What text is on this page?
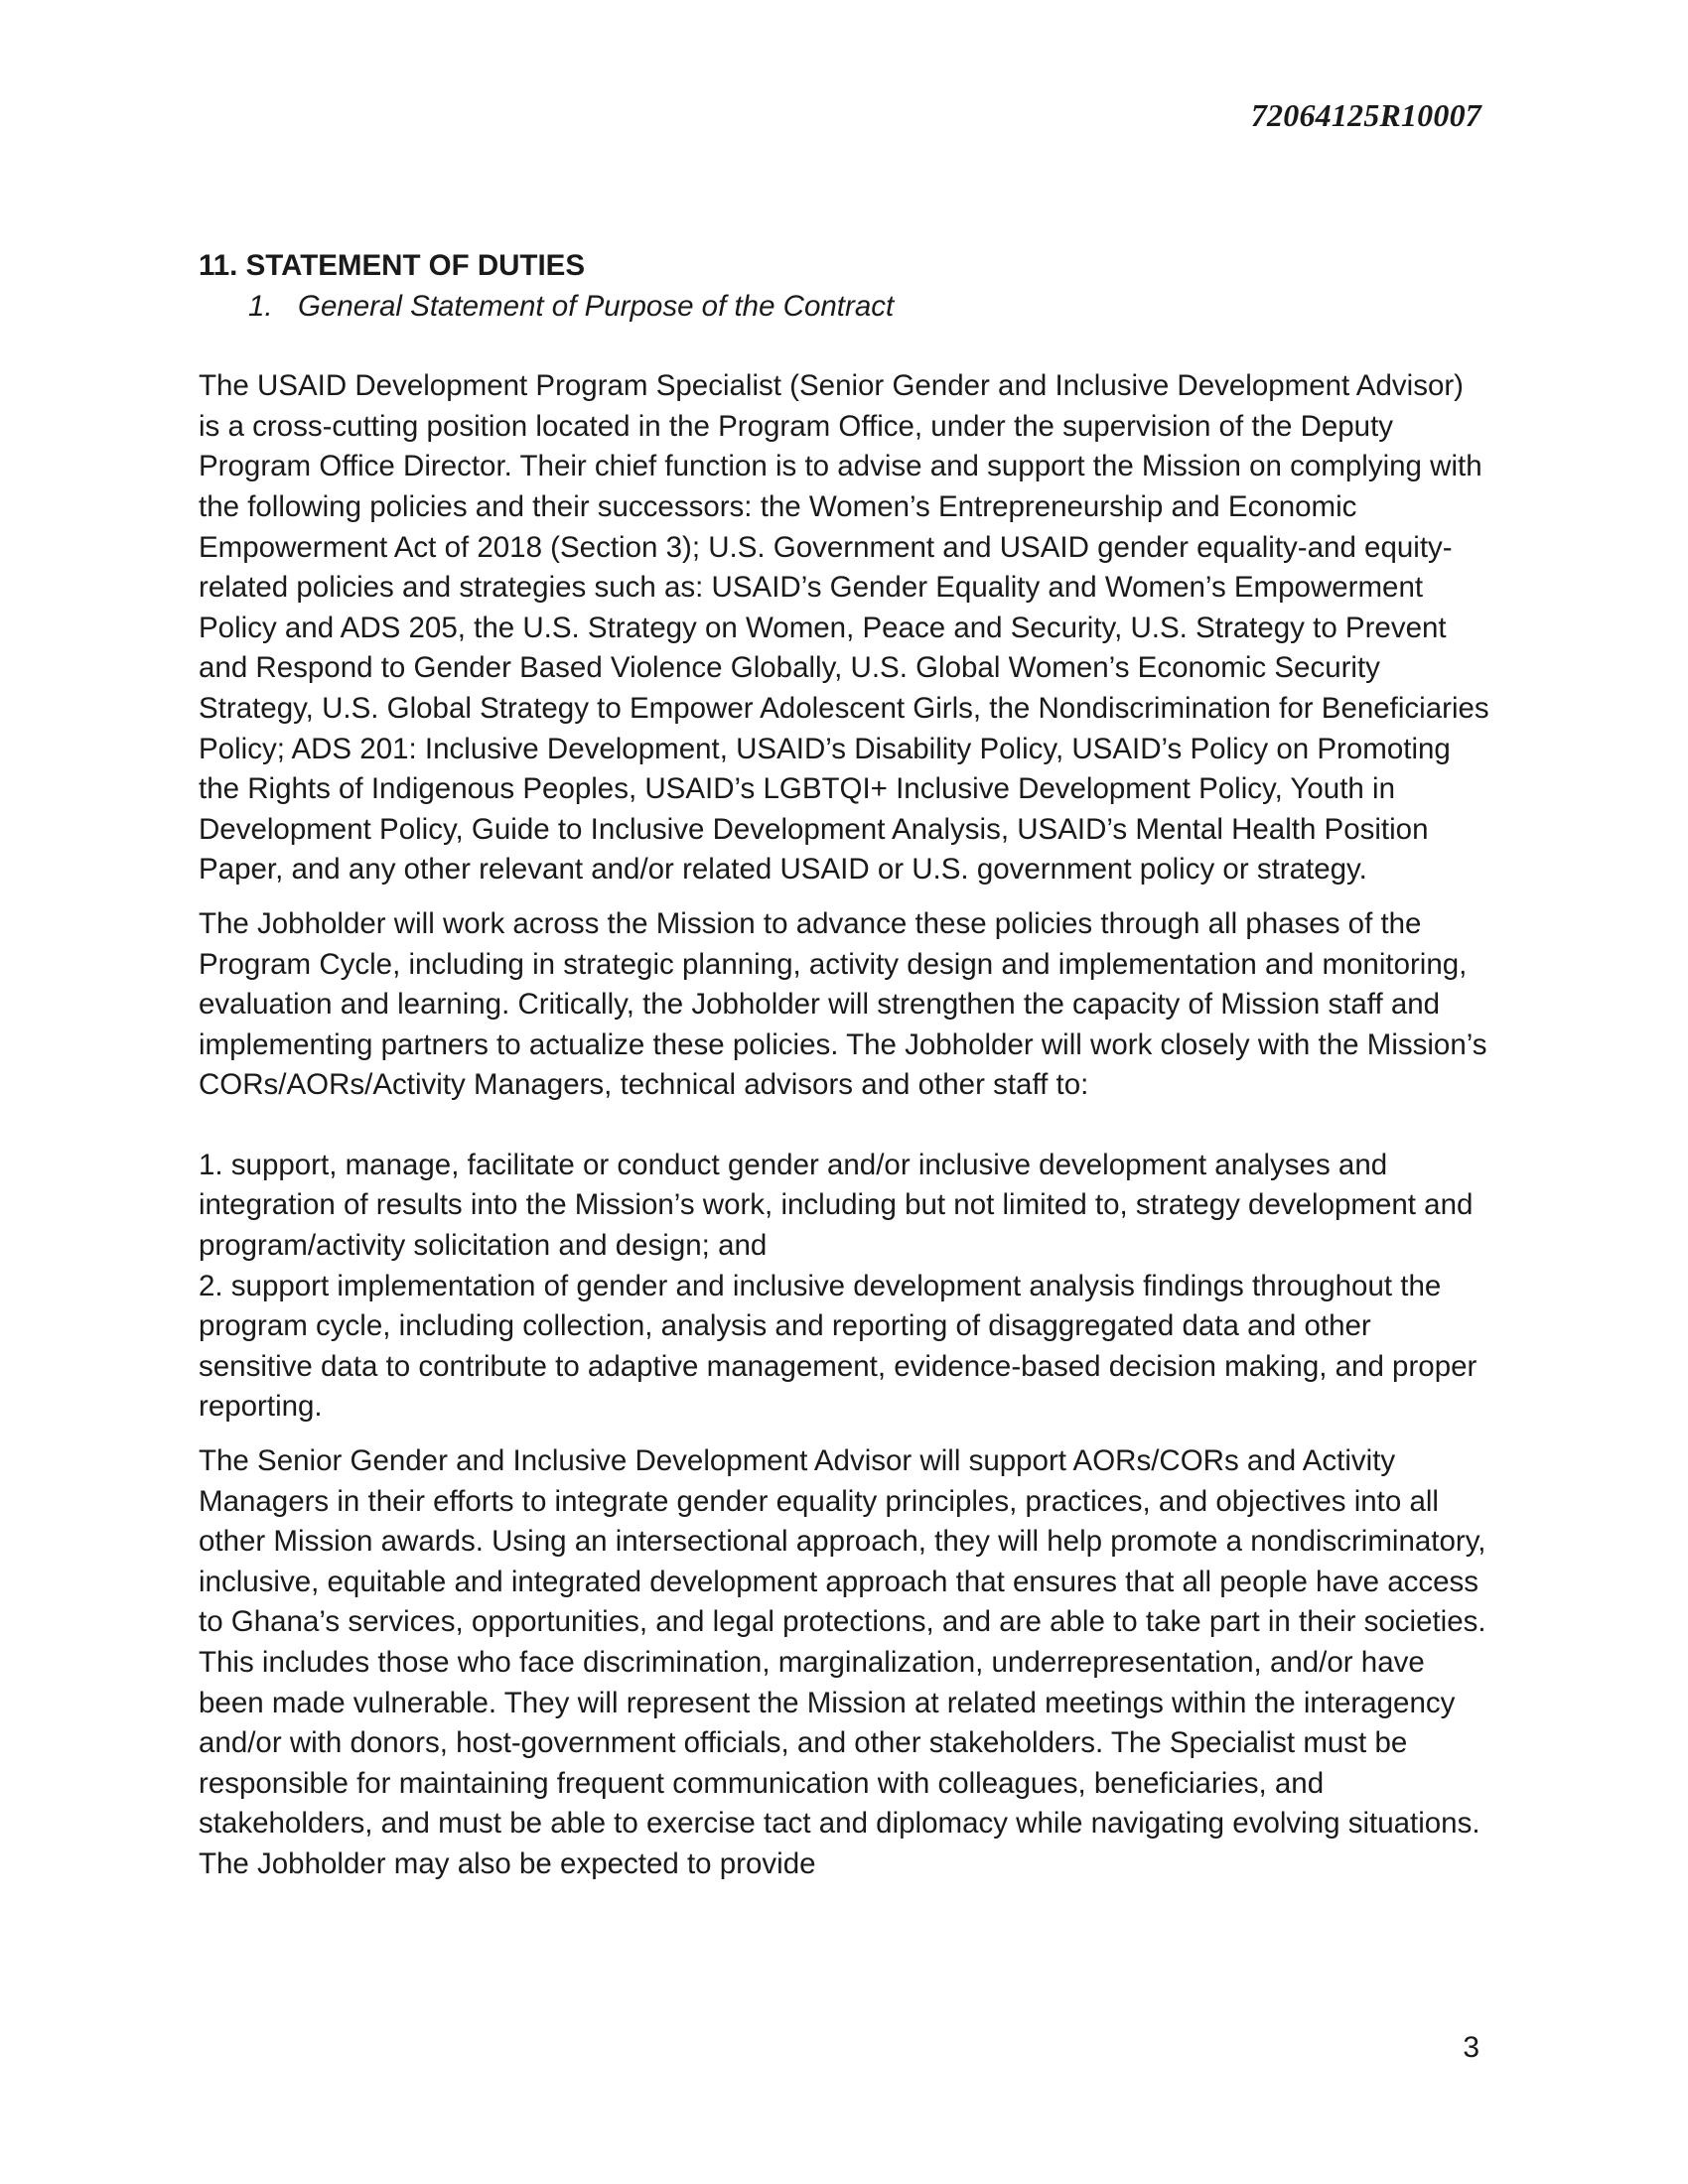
72064125R10007

11. STATEMENT OF DUTIES

1. General Statement of Purpose of the Contract

The USAID Development Program Specialist (Senior Gender and Inclusive Development Advisor) is a cross-cutting position located in the Program Office, under the supervision of the Deputy Program Office Director. Their chief function is to advise and support the Mission on complying with the following policies and their successors: the Women’s Entrepreneurship and Economic Empowerment Act of 2018 (Section 3); U.S. Government and USAID gender equality-and equity-related policies and strategies such as: USAID’s Gender Equality and Women’s Empowerment Policy and ADS 205, the U.S. Strategy on Women, Peace and Security, U.S. Strategy to Prevent and Respond to Gender Based Violence Globally, U.S. Global Women’s Economic Security Strategy, U.S. Global Strategy to Empower Adolescent Girls, the Nondiscrimination for Beneficiaries Policy; ADS 201: Inclusive Development, USAID’s Disability Policy, USAID’s Policy on Promoting the Rights of Indigenous Peoples, USAID’s LGBTQI+ Inclusive Development Policy, Youth in Development Policy, Guide to Inclusive Development Analysis, USAID’s Mental Health Position Paper, and any other relevant and/or related USAID or U.S. government policy or strategy.

The Jobholder will work across the Mission to advance these policies through all phases of the Program Cycle, including in strategic planning, activity design and implementation and monitoring, evaluation and learning. Critically, the Jobholder will strengthen the capacity of Mission staff and implementing partners to actualize these policies. The Jobholder will work closely with the Mission’s CORs/AORs/Activity Managers, technical advisors and other staff to:

1. support, manage, facilitate or conduct gender and/or inclusive development analyses and integration of results into the Mission’s work, including but not limited to, strategy development and program/activity solicitation and design; and

2. support implementation of gender and inclusive development analysis findings throughout the program cycle, including collection, analysis and reporting of disaggregated data and other sensitive data to contribute to adaptive management, evidence-based decision making, and proper reporting.

The Senior Gender and Inclusive Development Advisor will support AORs/CORs and Activity Managers in their efforts to integrate gender equality principles, practices, and objectives into all other Mission awards. Using an intersectional approach, they will help promote a nondiscriminatory, inclusive, equitable and integrated development approach that ensures that all people have access to Ghana’s services, opportunities, and legal protections, and are able to take part in their societies. This includes those who face discrimination, marginalization, underrepresentation, and/or have been made vulnerable. They will represent the Mission at related meetings within the interagency and/or with donors, host-government officials, and other stakeholders. The Specialist must be responsible for maintaining frequent communication with colleagues, beneficiaries, and stakeholders, and must be able to exercise tact and diplomacy while navigating evolving situations. The Jobholder may also be expected to provide

3
